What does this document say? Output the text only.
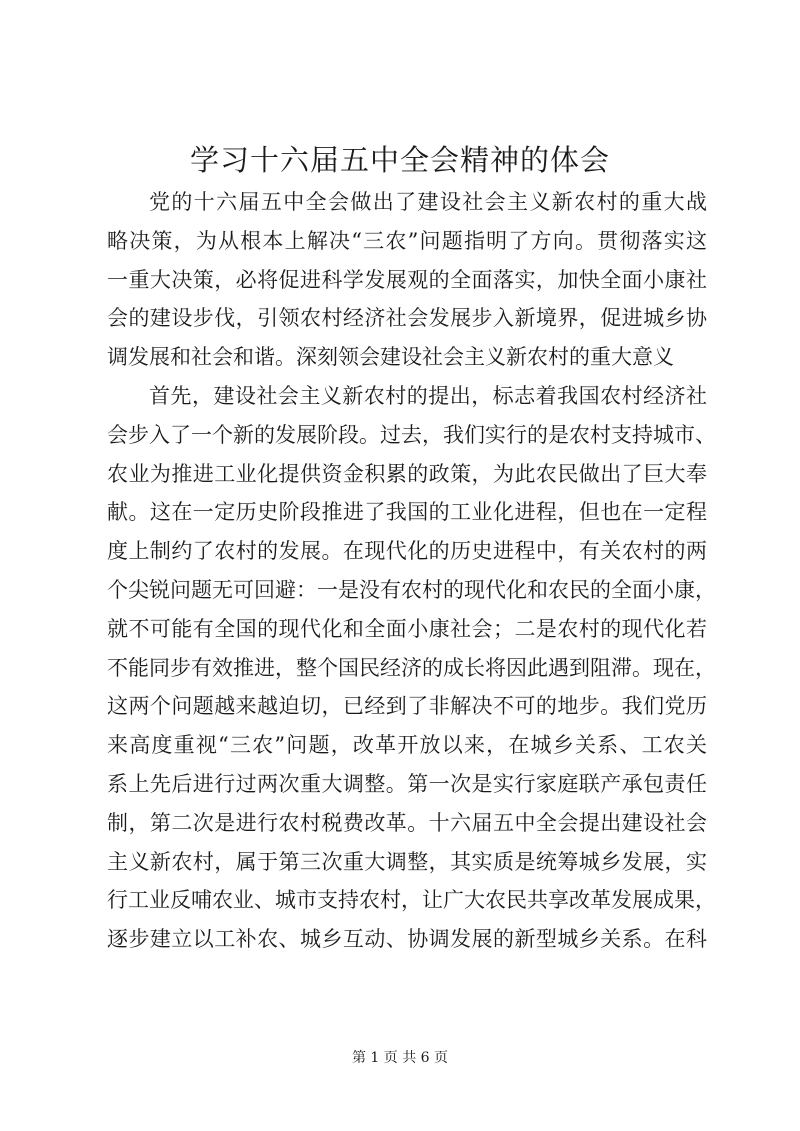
学习十六届五中全会精神的体会
党的十六届五中全会做出了建设社会主义新农村的重大战
略决策，为从根本上解决“三农”问题指明了方向。贯彻落实这
一重大决策，必将促进科学发展观的全面落实，加快全面小康社
会的建设步伐，引领农村经济社会发展步入新境界，促进城乡协
调发展和社会和谐。深刻领会建设社会主义新农村的重大意义
首先，建设社会主义新农村的提出，标志着我国农村经济社
会步入了一个新的发展阶段。过去，我们实行的是农村支持城市、
农业为推进工业化提供资金积累的政策，为此农民做出了巨大奉
献。这在一定历史阶段推进了我国的工业化进程，但也在一定程
度上制约了农村的发展。在现代化的历史进程中，有关农村的两
个尖锐问题无可回避：一是没有农村的现代化和农民的全面小康，
就不可能有全国的现代化和全面小康社会；二是农村的现代化若
不能同步有效推进，整个国民经济的成长将因此遇到阻滞。现在，
这两个问题越来越迫切，已经到了非解决不可的地步。我们党历
来高度重视“三农”问题，改革开放以来，在城乡关系、工农关
系上先后进行过两次重大调整。第一次是实行家庭联产承包责任
制，第二次是进行农村税费改革。十六届五中全会提出建设社会
主义新农村，属于第三次重大调整，其实质是统筹城乡发展，实
行工业反哺农业、城市支持农村，让广大农民共享改革发展成果，
逐步建立以工补农、城乡互动、协调发展的新型城乡关系。在科
第 1 页 共 6 页
